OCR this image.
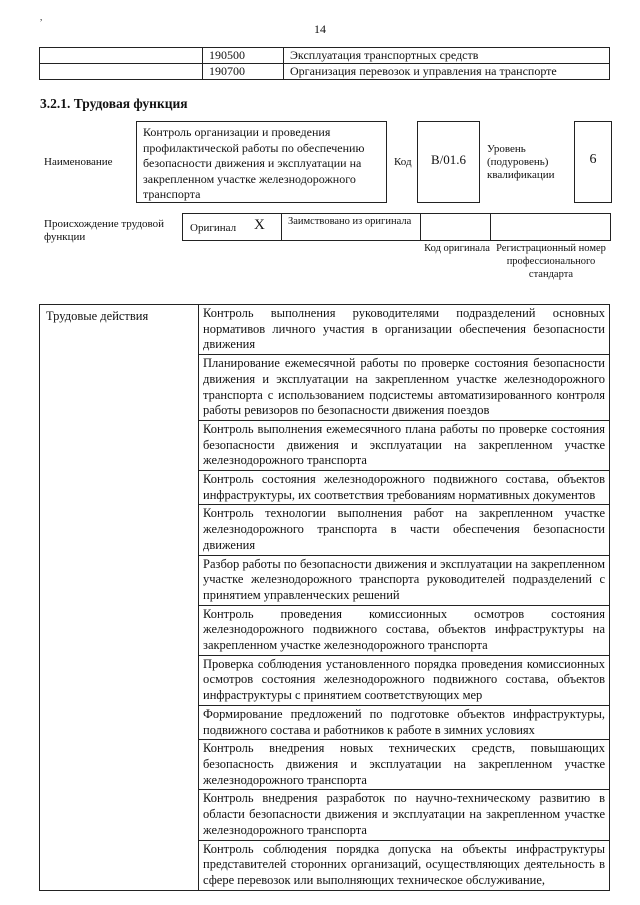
,
14
	190500	Эксплуатация транспортных средств
	190700	Организация перевозок и управления на транспорте
3.2.1. Трудовая функция
Наименование
Контроль организации и проведения профилактической работы по обеспечению безопасности движения и эксплуатации на закрепленном участке железнодорожного транспорта
Код	В/01.6
Уровень (подуровень) квалификации
6
Происхождение трудовой функции
Оригинал X Заимствовано из оригинала
Код оригинала Регистрационный номер профессионального стандарта
Трудовые действия	Контроль выполнения руководителями подразделений основных нормативов личного участия в организации обеспечения безопасности движения
Планирование ежемесячной работы по проверке состояния безопасности движения и эксплуатации на закрепленном участке железнодорожного транспорта с использованием подсистемы автоматизированного контроля работы ревизоров по безопасности движения поездов
Контроль выполнения ежемесячного плана работы по проверке состояния безопасности движения и эксплуатации на закрепленном участке железнодорожного транспорта
Контроль состояния железнодорожного подвижного состава, объектов инфраструктуры, их соответствия требованиям нормативных документов
Контроль технологии выполнения работ на закрепленном участке железнодорожного транспорта в части обеспечения безопасности движения
Разбор работы по безопасности движения и эксплуатации на закрепленном участке железнодорожного транспорта руководителей подразделений с принятием управленческих решений
Контроль проведения комиссионных осмотров состояния железнодорожного подвижного состава, объектов инфраструктуры на закрепленном участке железнодорожного транспорта
Проверка соблюдения установленного порядка проведения комиссионных осмотров состояния железнодорожного подвижного состава, объектов инфраструктуры с принятием соответствующих мер
Формирование предложений по подготовке объектов инфраструктуры, подвижного состава и работников к работе в зимних условиях
Контроль внедрения новых технических средств, повышающих безопасность движения и эксплуатации на закрепленном участке железнодорожного транспорта
Контроль внедрения разработок по научно-техническому развитию в области безопасности движения и эксплуатации на закрепленном участке железнодорожного транспорта
Контроль соблюдения порядка допуска на объекты инфраструктуры представителей сторонних организаций, осуществляющих деятельность в сфере перевозок или выполняющих техническое обслуживание,
